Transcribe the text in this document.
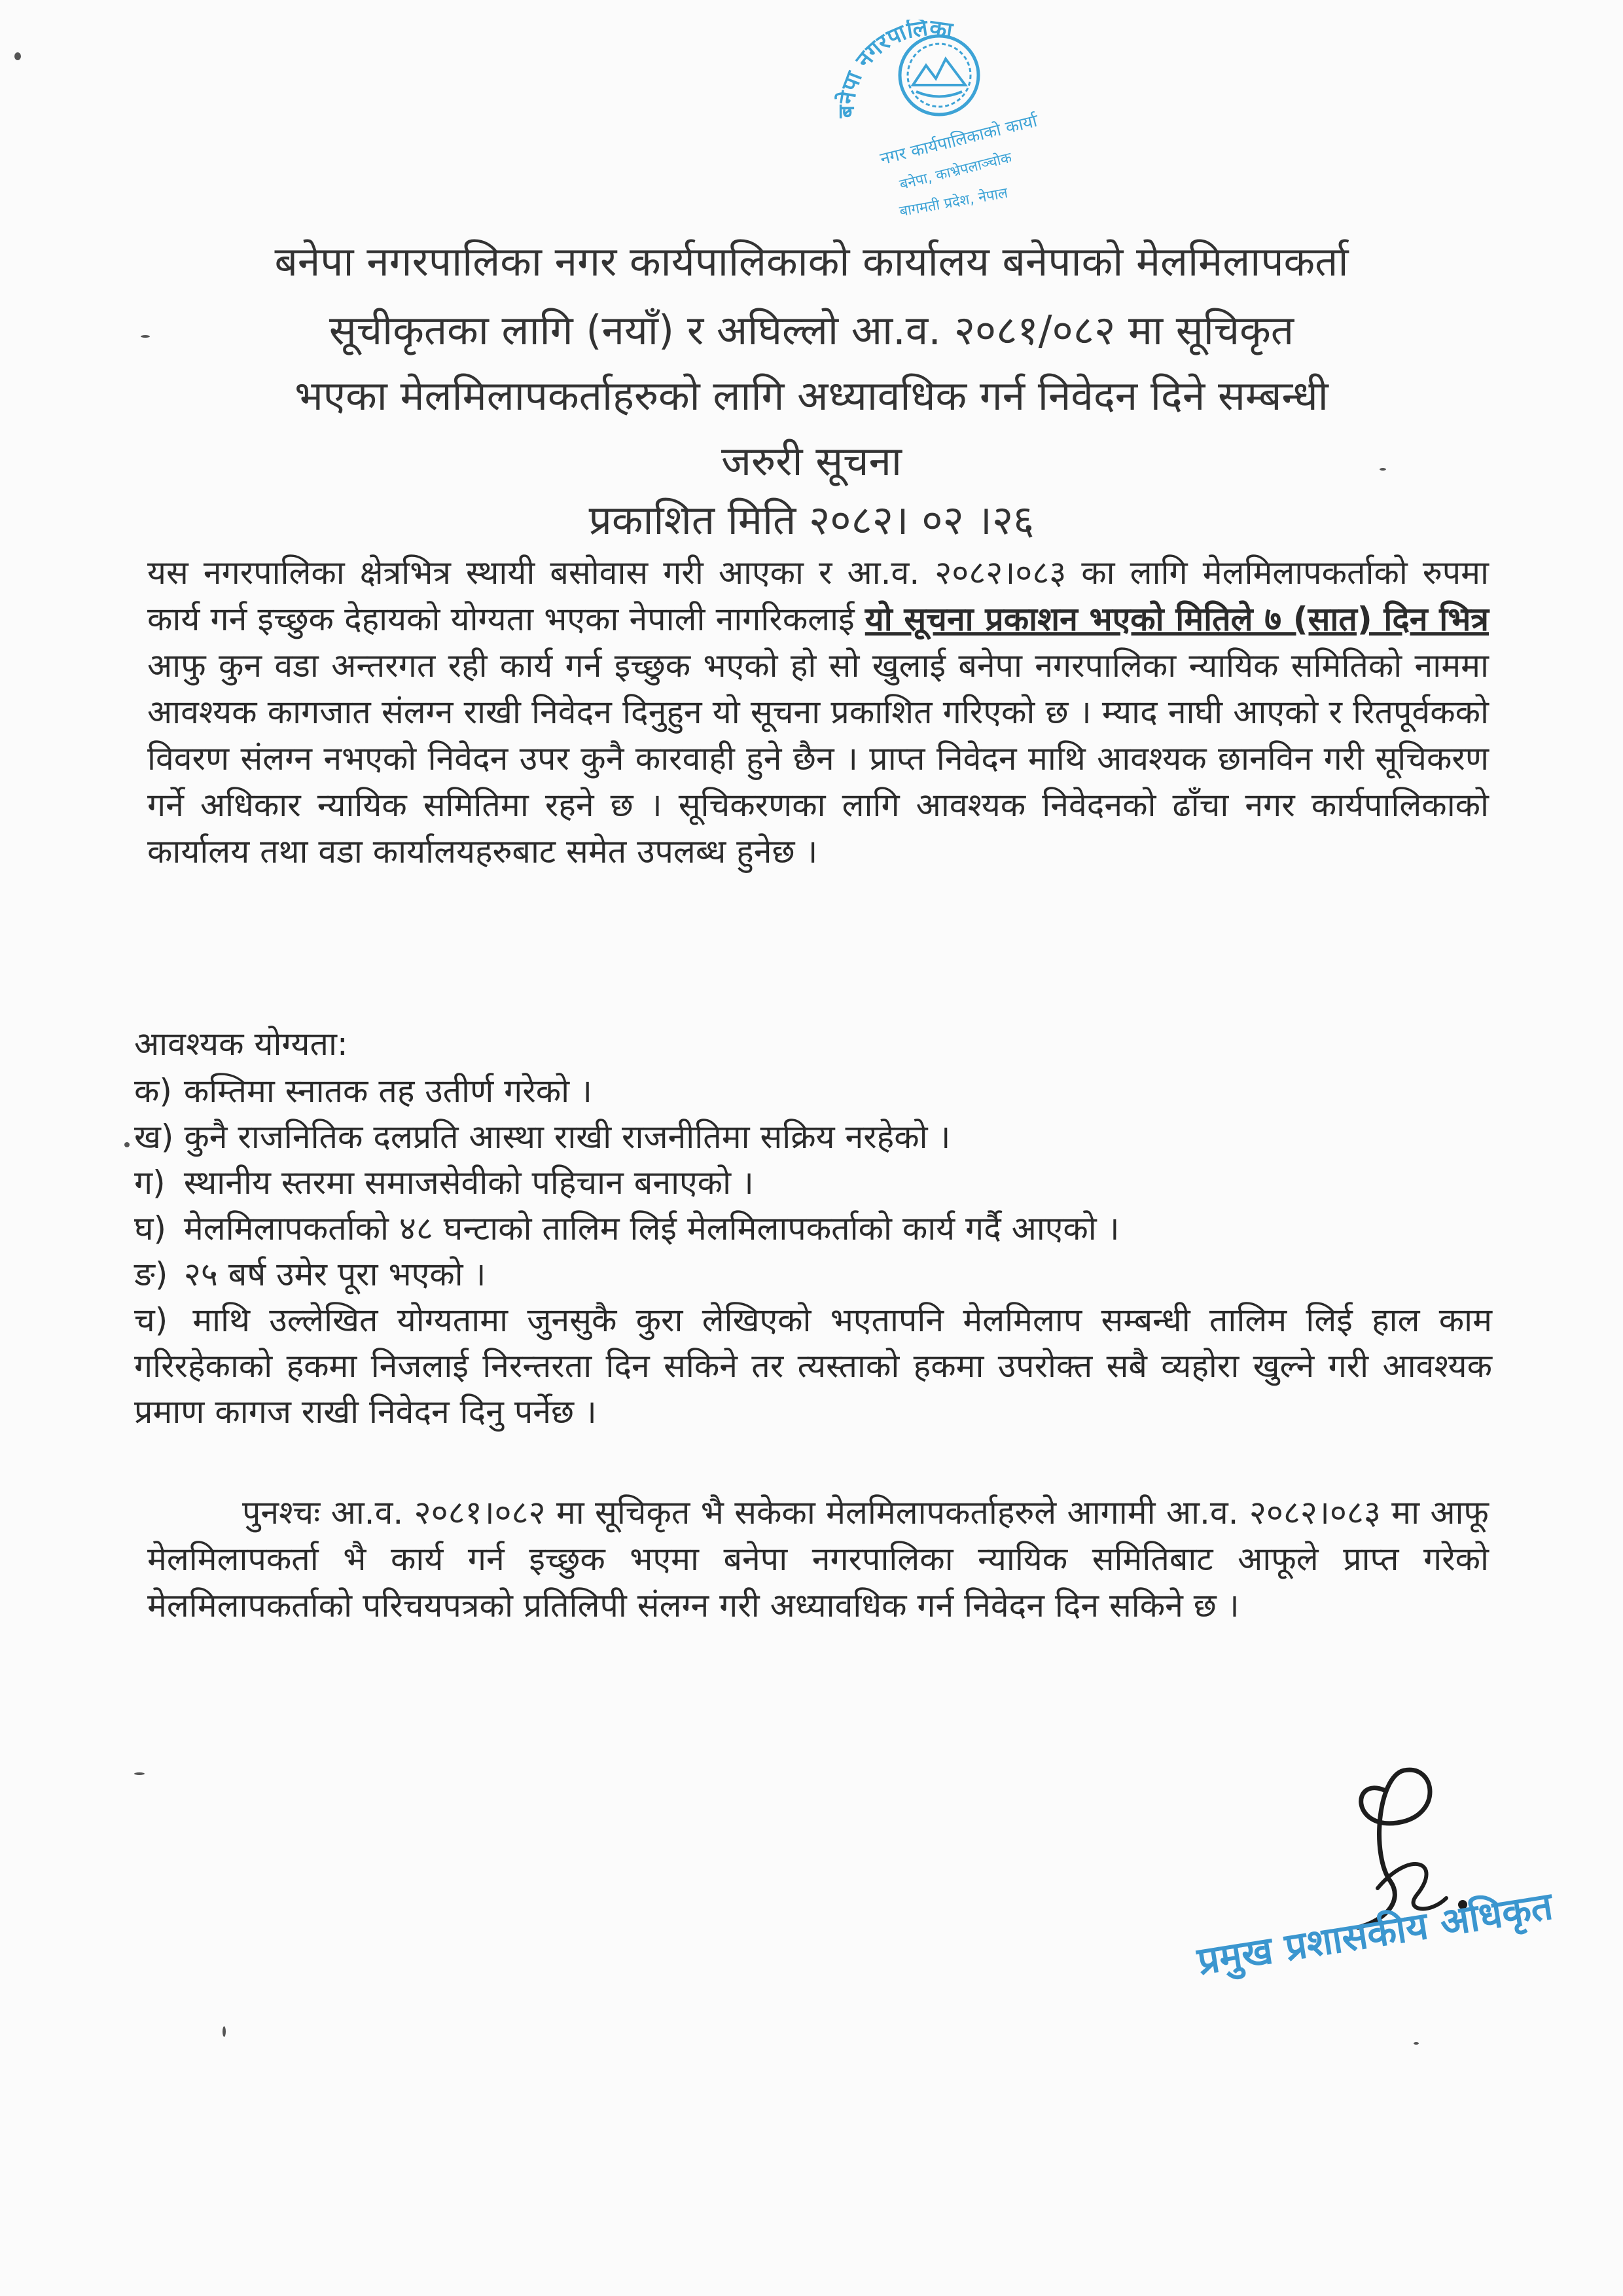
बनेपा नगरपालिका
नगर कार्यपालिकाको कार्यालय
बनेपा, काभ्रेपलाञ्चोक
बागमती प्रदेश, नेपाल
बनेपा नगरपालिका नगर कार्यपालिकाको कार्यालय बनेपाको मेलमिलापकर्ता
सूचीकृतका लागि (नयाँ) र अघिल्लो आ.व. २०८१/०८२ मा सूचिकृत
भएका मेलमिलापकर्ताहरुको लागि अध्यावधिक गर्न निवेदन दिने सम्बन्धी
जरुरी सूचना
प्रकाशित मिति २०८२। ०२ ।२६
यस नगरपालिका क्षेत्रभित्र स्थायी बसोवास गरी आएका र आ.व. २०८२।०८३ का लागि मेलमिलापकर्ताको रुपमा कार्य गर्न इच्छुक देहायको योग्यता भएका नेपाली नागरिकलाई यो सूचना प्रकाशन भएको मितिले ७ (सात) दिन भित्र आफु कुन वडा अन्तरगत रही कार्य गर्न इच्छुक भएको हो सो खुलाई बनेपा नगरपालिका न्यायिक समितिको नाममा आवश्यक कागजात संलग्न राखी निवेदन दिनुहुन यो सूचना प्रकाशित गरिएको छ । म्याद नाघी आएको र रितपूर्वकको विवरण संलग्न नभएको निवेदन उपर कुनै कारवाही हुने छैन । प्राप्त निवेदन माथि आवश्यक छानविन गरी सूचिकरण गर्ने अधिकार न्यायिक समितिमा रहने छ । सूचिकरणका लागि आवश्यक निवेदनको ढाँचा नगर कार्यपालिकाको कार्यालय तथा वडा कार्यालयहरुबाट समेत उपलब्ध हुनेछ ।
आवश्यक योग्यता:
क) कम्तिमा स्नातक तह उतीर्ण गरेको ।
ख) कुनै राजनितिक दलप्रति आस्था राखी राजनीतिमा सक्रिय नरहेको ।
ग) स्थानीय स्तरमा समाजसेवीको पहिचान बनाएको ।
घ) मेलमिलापकर्ताको ४८ घन्टाको तालिम लिई मेलमिलापकर्ताको कार्य गर्दै आएको ।
ङ) २५ बर्ष उमेर पूरा भएको ।
च) माथि उल्लेखित योग्यतामा जुनसुकै कुरा लेखिएको भएतापनि मेलमिलाप सम्बन्धी तालिम लिई हाल काम गरिरहेकाको हकमा निजलाई निरन्तरता दिन सकिने तर त्यस्ताको हकमा उपरोक्त सबै व्यहोरा खुल्ने गरी आवश्यक प्रमाण कागज राखी निवेदन दिनु पर्नेछ ।
पुनश्चः आ.व. २०८१।०८२ मा सूचिकृत भै सकेका मेलमिलापकर्ताहरुले आगामी आ.व. २०८२।०८३ मा आफू मेलमिलापकर्ता भै कार्य गर्न इच्छुक भएमा बनेपा नगरपालिका न्यायिक समितिबाट आफूले प्राप्त गरेको मेलमिलापकर्ताको परिचयपत्रको प्रतिलिपी संलग्न गरी अध्यावधिक गर्न निवेदन दिन सकिने छ ।
प्रमुख प्रशासकीय अधिकृत
